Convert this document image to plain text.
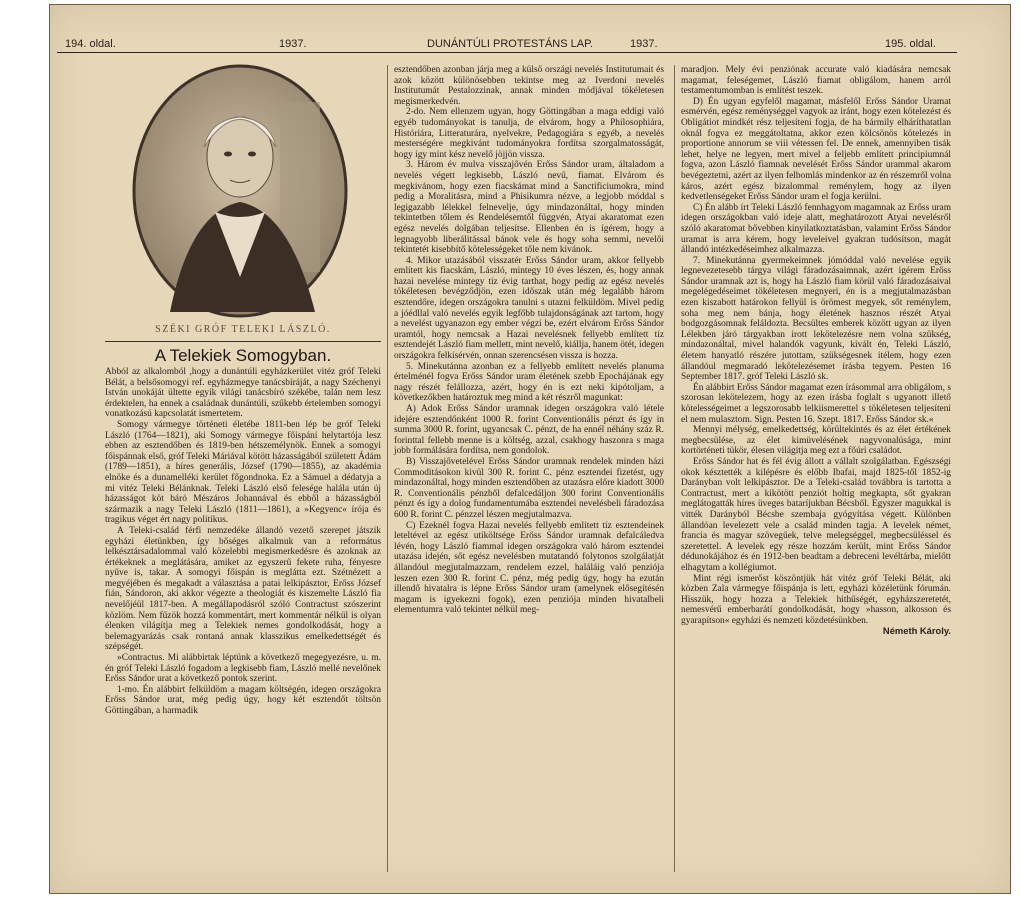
194. oldal.	1937.	DUNÁNTÚLI PROTESTÁNS LAP.	1937.	195. oldal.
SZÉKI GRÓF TELEKI LÁSZLÓ.
A Telekiek Somogyban.

Abból az alkalomból ,hogy a dunántúli egyházkerület vitéz gróf Teleki Bélát, a belsősomogyi ref. egyházmegye tanácsbíráját, a nagy Széchenyi István unokáját ültette egyik világi tanácsbíró székébe, talán nem lesz érdektelen, ha ennek a családnak dunántúli, szűkebb értelemben somogyi vonatkozású kapcsolatát ismertetem.

Somogy vármegye történeti életébe 1811-ben lép be gróf Teleki László (1764—1821), aki Somogy vármegye főispáni helytartója lesz ebben az esztendőben és 1819-ben hétszemélynök. Ennek a somogyi főispánnak első, gróf Teleki Máriával kötött házasságából született Ádám (1789—1851), a híres generális, József (1790—1855), az akadémia elnöke és a dunamelléki kerület főgondnoka. Ez a Sámuel a dédatyja a mi vitéz Teleki Bélánknak. Teleki László első felesége halála után új házasságot köt báró Mészáros Johannával és ebből a házasságból származik a nagy Teleki László (1811—1861), a »Kegyenc« írója és tragikus véget ért nagy politikus.

A Teleki-család férfi nemzedéke állandó vezető szerepet játszik egyházi életünkben, így bőséges alkalmuk van a református lelkésztársadalommal való közelebbi megismerkedésre és azoknak az értékeknek a meglátására, amiket az egyszerű fekete ruha, fényesre nyűve is, takar. A somogyi főispán is meglátta ezt. Szétnézett a megyéjében és megakadt a választása a patai lelkipásztor, Erőss József fián, Sándoron, aki akkor végezte a theologiát és kiszemelte László fia nevelőjéül 1817-ben. A megállapodásról szóló Contractust szószerint közlöm. Nem fűzök hozzá kommentárt, mert kommentár nélkül is olyan élenken világítja meg a Telekiek nemes gondolkodását, hogy a belemagyarázás csak rontaná annak klasszikus emelkedettségét és szépségét.

»Contractus. Mi alábbirtak léptünk a következő megegyezésre, u. m. én gróf Teleki László fogadom a legkisebb fiam, László mellé nevelőnek Erőss Sándor urat a következő pontok szerint.

1-mo. Én alábbirt felküldöm a magam költségén, idegen országokra Erőss Sándor urat, még pedig úgy, hogy két esztendőt töltsön Göttingában, a harmadik

esztendőben azonban járja meg a külső országi nevelés Institutumait és azok között különösebben tekintse meg az Iverdoni nevelés Institutumát Pestalozzinak, annak minden módjával tökéletesen megismerkedvén.

2-do. Nem ellenzem ugyan, hogy Göttingában a maga eddigi való egyéb tudományokat is tanulja, de elvárom, hogy a Philosophiára, Históriára, Litteraturára, nyelvekre, Pedagogiára s egyéb, a nevelés mesterségére megkivánt tudományokra fordítsa szorgalmatosságát, hogy így mint kész nevelő jöjjön vissza.

3. Három év mulva visszajővén Erőss Sándor uram, általadom a nevelés végett legkisebb, László nevű, fiamat. Elvárom és megkivánom, hogy ezen fiacskámat mind a Sanctificiumokra, mind pedig a Moralitásra, mind a Phisikumra nézve, a legjobb móddal s legigazabb lélekkel felnevelje, úgy mindazonáltal, hogy minden tekintetben tőlem és Rendelésemtől függvén, Atyai akaratomat ezen egész nevelés dolgában teljesítse. Ellenben én is ígérem, hogy a legnagyobb liberálitással bánok vele és hogy soha semmi, nevelői tekintetét kisebbítő kötelességeket tőle nem kivánok.

4. Mikor utazásából visszatér Erőss Sándor uram, akkor fellyebb említett kis fiacskám, László, mintegy 10 éves lészen, és, hogy annak hazai nevelése mintegy tíz évig tarthat, hogy pedig az egész nevelés tökéletesen bevégződjön, ezen időszak után még legalább három esztendőre, idegen országokra tanulni s utazni felküldöm. Mivel pedig a jóédllal való nevelés egyik legfőbb tulajdonságának azt tartom, hogy a nevelést ugyanazon egy ember végzi be, ezért elvárom Erőss Sándor uramtól, hogy nemcsak a Hazai nevelésnek fellyebb említett tíz esztendejét László fiam mellett, mint nevelő, kiállja, hanem ötét, idegen országokra felkísérvén, onnan szerencsésen vissza is hozza.

5. Minekutánna azonban ez a fellyebb említett nevelés planuma értelménél fogva Erőss Sándor uram életének szebb Epochájának egy nagy részét felállozza, azért, hogy én is ezt neki kipótoljam, a következőkben határoztuk meg mind a két részről magunkat:

A) Adok Erőss Sándor uramnak idegen országokra való létele idejére esztendőnként 1000 R. forint Conventionális pénzt és így in summa 3000 R. forint, ugyancsak C. pénzt, de ha ennél néhány száz R. forinttal fellebb menne is a költség, azzal, csakhogy haszonra s maga jobb formálására fordítsa, nem gondolok.

B) Visszajővetelével Erőss Sándor uramnak rendelek minden házi Commoditásokon kivül 300 R. forint C. pénz esztendei fizetést, ugy mindazonáltal, hogy minden esztendőben az utazásra előre kiadott 3000 R. Conventionális pénzből defalcedáljon 300 forint Conventionális pénzt és így a dolog fundamentumába esztendei nevelésbeli fáradozása 600 R. forint C. pénzzel lészen megjutalmazva.

C) Ezeknél fogva Hazai nevelés fellyebb említett tíz esztendeinek leteltével az egész utiköltsége Erőss Sándor uramnak defalcáledva lévén, hogy László fiammal idegen országokra való három esztendei utazása idején, sőt egész nevelésben mutatandó folytonos szolgálatját állandóul megjutalmazzam, rendelem ezzel, haláláig való penziója leszen ezen 300 R. forint C. pénz, még pedig úgy, hogy ha ezután illendő hivatalra is lépne Erőss Sándor uram (amelynek elősegítésén magam is igyekezni fogok), ezen penziója minden hivatalbeli elementumra való tekintet nélkül meg-

maradjon. Mely évi penziónak accurate való kiadására nemcsak magamat, feleségemet, László fiamat obligálom, hanem arról testamentumomban is említést teszek.

D) Én ugyan egyfelől magamat, másfelől Erőss Sándor Uramat esmérvén, egész reménységgel vagyok az iránt, hogy ezen kötelezést és Obligátiot mindkét rész teljesíteni fogja, de ha bármily elháríthatatlan oknál fogva ez meggátoltatna, akkor ezen kölcsönös kötelezés in proportione annorum se viii vétessen fel. De ennek, amennyiben tisák lehet, helye ne legyen, mert mivel a feljebb említett principiumnál fogva, azon László fiamnak nevelését Erőss Sándor urammal akarom bevégeztetni, azért az ilyen felbomlás mindenkor az én részemről volna káros, azért egész bizalommal reménylem, hogy az ilyen kedvetlenségeket Erőss Sándor uram el fogja kerülni.

C) Én alább írt Teleki László fennhagyom magamnak az Erőss uram idegen országokban való ideje alatt, meghatározott Atyai nevelésről szóló akaratomat bővebben kinyilatkoztatásban, valamint Erőss Sándor uramat is arra kérem, hogy leveleivel gyakran tudósítson, magát állandó intézkedéseimhez alkalmazza.

7. Minekutánna gyermekeimnek jómóddal való nevelése egyik legnevezetesebb tárgya világi fáradozásaimnak, azért igérem Erőss Sándor uramnak azt is, hogy ha László fiam körül való fáradozásaival megelégedéseimet tökéletesen megnyeri, én is a megjutalmazásban ezen kiszabott határokon fellyül is örömest megyek, sőt reménylem, soha meg nem bánja, hogy életének hasznos részét Atyai bodgozgásomnak feláldozta. Becsültes emberek között ugyan az ilyen Lélekben járó tárgyakban irott lekötelezésre nem volna szükség, mindazonáltal, mivel halandók vagyunk, kivált én, Teleki László, életem hanyatló részére jutottam, szükségesnek ítélem, hogy ezen állandóul megmaradó lekötelezésemet írásba tegyem. Pesten 16 September 1817. gróf Teleki László sk.

Én alábbirt Erőss Sándor magamat ezen írásommal arra obligálom, s szorosan lekötelezem, hogy az ezen írásba foglalt s ugyanott illető kötelességeimet a legszorosabb lelkiismerettel s tökéletesen teljesíteni el nem mulasztom. Sign. Pesten 16. Szept. 1817. Erőss Sándor sk.«

Mennyi mélység, emelkedettség, körültekintés és az élet értékének megbecsülése, az élet kimüvelésének nagyvonalúsága, mint kortörténeti tükör, élesen világítja meg ezt a főúri családot.

Erőss Sándor hat és fél évig állott a vállalt szolgálatban. Egészségi okok késztették a kilépésre és előbb Ibafai, majd 1825-től 1852-ig Darányban volt lelkipásztor. De a Teleki-család továbbra is tartotta a Contractust, mert a kikötött penziót holtig megkapta, sőt gyakran meglátogatták híres üveges bataríjukban Bécsből. Egyszer magukkal is vitték Darányból Bécsbe szembaja gyógyítása végett. Különben állandóan levelezett vele a család minden tagja. A levelek német, francia és magyar szövegűek, telve melegséggel, megbecsüléssel és szeretettel. A levelek egy része hozzám került, mint Erőss Sándor dédunokájához és én 1912-ben beadtam a debreceni levéltárba, mielőtt elhagytam a kollégiumot.

Mint régi ismerőst köszöntjük hát vitéz gróf Teleki Bélát, aki közben Zala vármegye főispánja is lett, egyházi közéletünk fórumán. Hisszük, hogy hozza a Telekiek hithűségét, egyházszeretetét, nemesvérű emberbarátí gondolkodását, hogy »hasson, alkosson és gyarapítson« egyházi és nemzeti közdetésünkben.

Németh Károly.
